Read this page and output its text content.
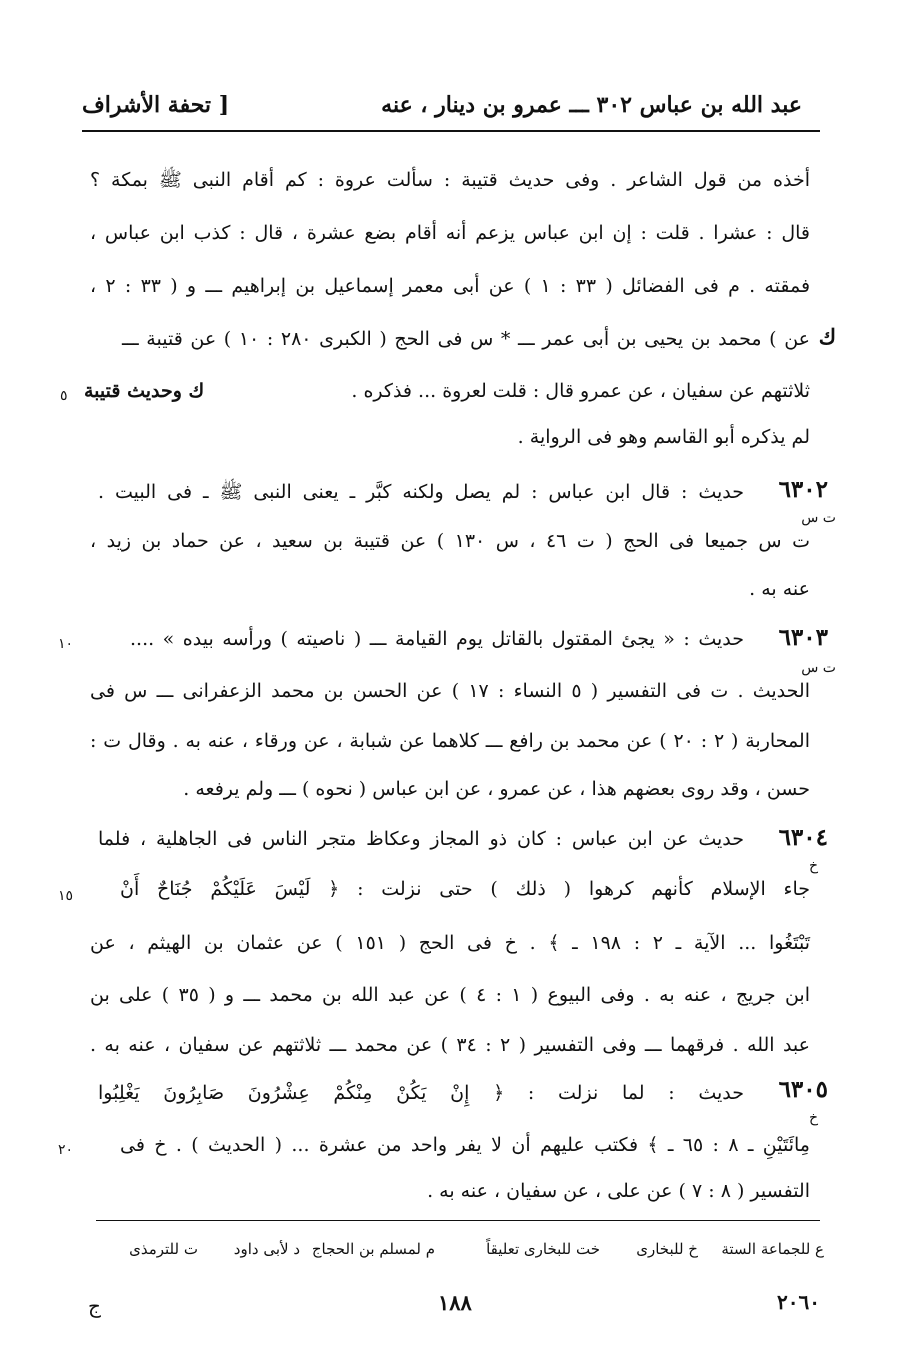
عبد الله بن عباس ٣٠٢ ـــ عمرو بن دينار ، عنه
[ تحفة الأشراف
أخذه من قول الشاعر . وفى حديث قتيبة : سألت عروة : كم أقام النبى ﷺ بمكة ؟
قال : عشرا . قلت : إن ابن عباس يزعم أنه أقام بضع عشرة ، قال : كذب ابن عباس ،
فمقته . م فى الفضائل ( ٣٣ : ١ ) عن أبى معمر إسماعيل بن إبراهيم ـــ و ( ٣٣ : ٢ ،
عن ) محمد بن يحيى بن أبى عمر ـــ * س فى الحج ( الكبرى ٢٨٠ : ١٠ ) عن قتيبة ـــ
ثلاثتهم عن سفيان ، عن عمرو قال : قلت لعروة ... فذكره .
لم يذكره أبو القاسم وهو فى الرواية .
٦٣٠٢
حديث : قال ابن عباس : لم يصل ولكنه كبَّر ـ يعنى النبى ﷺ ـ فى البيت .
ت س جميعا فى الحج ( ت ٤٦ ، س ١٣٠ ) عن قتيبة بن سعيد ، عن حماد بن زيد ،
عنه به .
٦٣٠٣
حديث : « يجئ المقتول بالقاتل يوم القيامة ـــ ( ناصيته ) ورأسه بيده » ....
الحديث . ت فى التفسير ( ٥ النساء : ١٧ ) عن الحسن بن محمد الزعفرانى ـــ س فى
المحاربة ( ٢ : ٢٠ ) عن محمد بن رافع ـــ كلاهما عن شبابة ، عن ورقاء ، عنه به . وقال ت :
حسن ، وقد روى بعضهم هذا ، عن عمرو ، عن ابن عباس ( نحوه ) ـــ ولم يرفعه .
٦٣٠٤
حديث عن ابن عباس : كان ذو المجاز وعكاظ متجر الناس فى الجاهلية ، فلما
جاء الإسلام كأنهم كرهوا ( ذلك ) حتى نزلت : ﴿ لَيْسَ عَلَيْكُمْ جُنَاحٌ أَنْ
تَبْتَغُوا ... الآية ـ ٢ : ١٩٨ ـ ﴾ . خ فى الحج ( ١٥١ ) عن عثمان بن الهيثم ، عن
ابن جريج ، عنه به . وفى البيوع ( ١ : ٤ ) عن عبد الله بن محمد ـــ و ( ٣٥ ) على بن
عبد الله . فرقهما ـــ وفى التفسير ( ٢ : ٣٤ ) عن محمد ـــ ثلاثتهم عن سفيان ، عنه به .
٦٣٠٥
حديث : لما نزلت : ﴿ إِنْ يَكُنْ مِنْكُمْ عِشْرُونَ صَابِرُونَ يَغْلِبُوا
مِائَتَيْنِ ـ ٨ : ٦٥ ـ ﴾ فكتب عليهم أن لا يفر واحد من عشرة ... ( الحديث ) . خ فى
التفسير ( ٨ : ٧ ) عن على ، عن سفيان ، عنه به .
ت س
ت س
خ
خ
ك
ك وحديث قتيبة
٥
١٠
١٥
٢٠
ع للجماعة الستة
خ للبخارى
خت للبخارى تعليقاً
م لمسلم بن الحجاج
د لأبى داود
ت للترمذى
٢٠٦٠
١٨٨
ج
